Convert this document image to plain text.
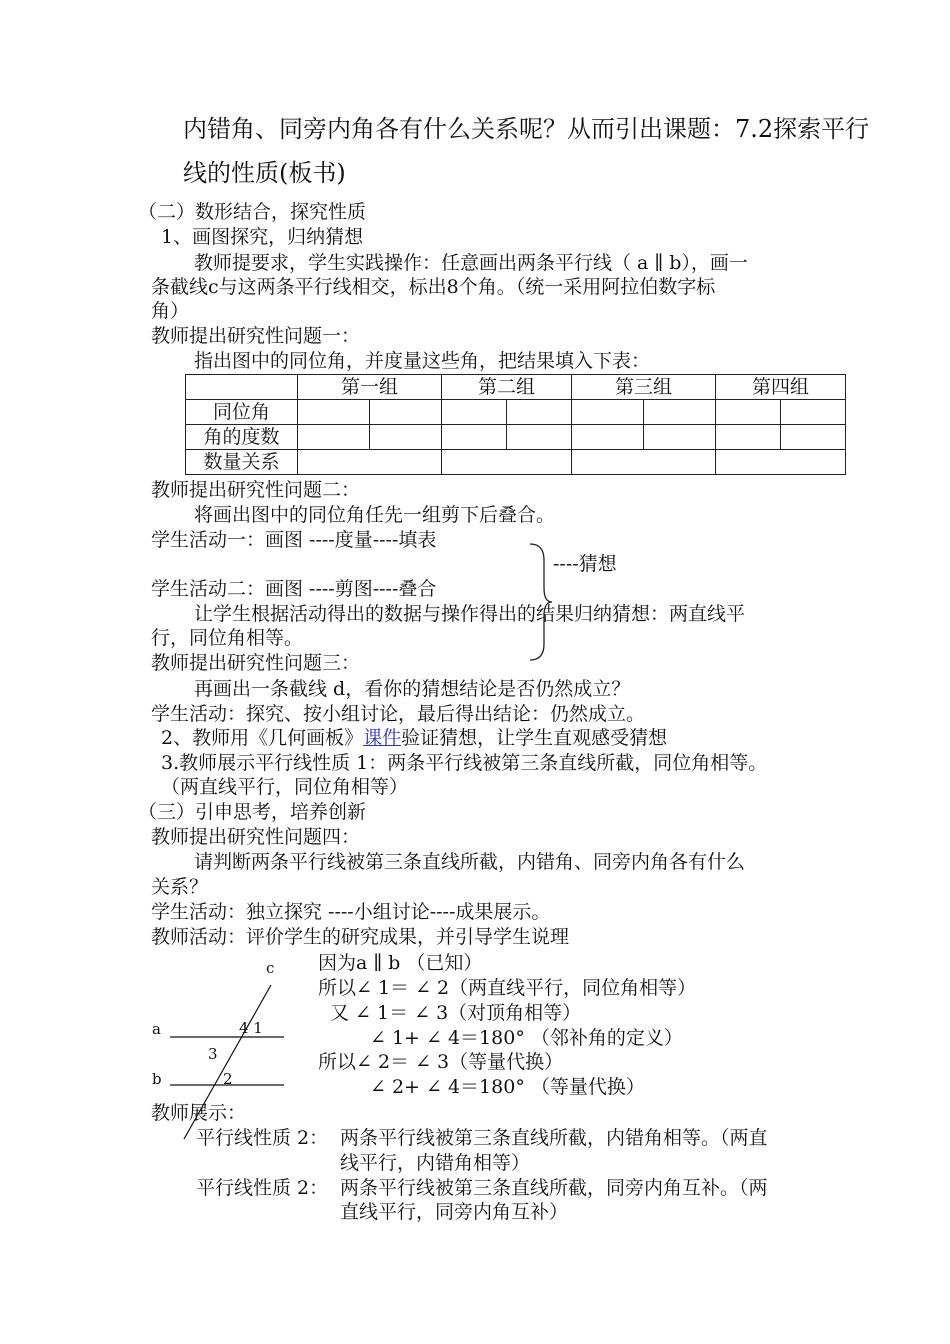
内错角、同旁内角各有什么关系呢？从而引出课题：7.2探索平行
线的性质(板书)
（二）数形结合，探究性质
1、画图探究，归纳猜想
教师提要求，学生实践操作：任意画出两条平行线（ a ∥ b），画一
条截线c与这两条平行线相交，标出8个角。（统一采用阿拉伯数字标
角）
教师提出研究性问题一：
指出图中的同位角，并度量这些角，把结果填入下表：
	第一组		第二组		第三组		第四组	
同位角								
角的度数								
数量关系								
教师提出研究性问题二：
将画出图中的同位角任先一组剪下后叠合。
学生活动一：画图 ----度量----填表
----猜想
学生活动二：画图 ----剪图----叠合
让学生根据活动得出的数据与操作得出的结果归纳猜想：两直线平
行，同位角相等。
教师提出研究性问题三：
再画出一条截线 d，看你的猜想结论是否仍然成立？
学生活动：探究、按小组讨论，最后得出结论：仍然成立。
2、教师用《几何画板》课件验证猜想，让学生直观感受猜想
3.教师展示平行线性质 1：两条平行线被第三条直线所截，同位角相等。
（两直线平行，同位角相等）
（三）引申思考，培养创新
教师提出研究性问题四：
请判断两条平行线被第三条直线所截，内错角、同旁内角各有什么
关系？
学生活动：独立探究 ----小组讨论----成果展示。
教师活动：评价学生的研究成果，并引导学生说理
c
a
b
4 1
3
2
因为a ∥ b （已知）
所以∠ 1＝ ∠ 2（两直线平行，同位角相等）
又 ∠ 1＝ ∠ 3（对顶角相等）
∠ 1+ ∠ 4＝180° （邻补角的定义）
所以∠ 2＝ ∠ 3（等量代换）
∠ 2+ ∠ 4＝180° （等量代换）
教师展示：
平行线性质 2： 两条平行线被第三条直线所截，内错角相等。（两直
线平行，内错角相等）
平行线性质 2： 两条平行线被第三条直线所截，同旁内角互补。（两
直线平行，同旁内角互补）
